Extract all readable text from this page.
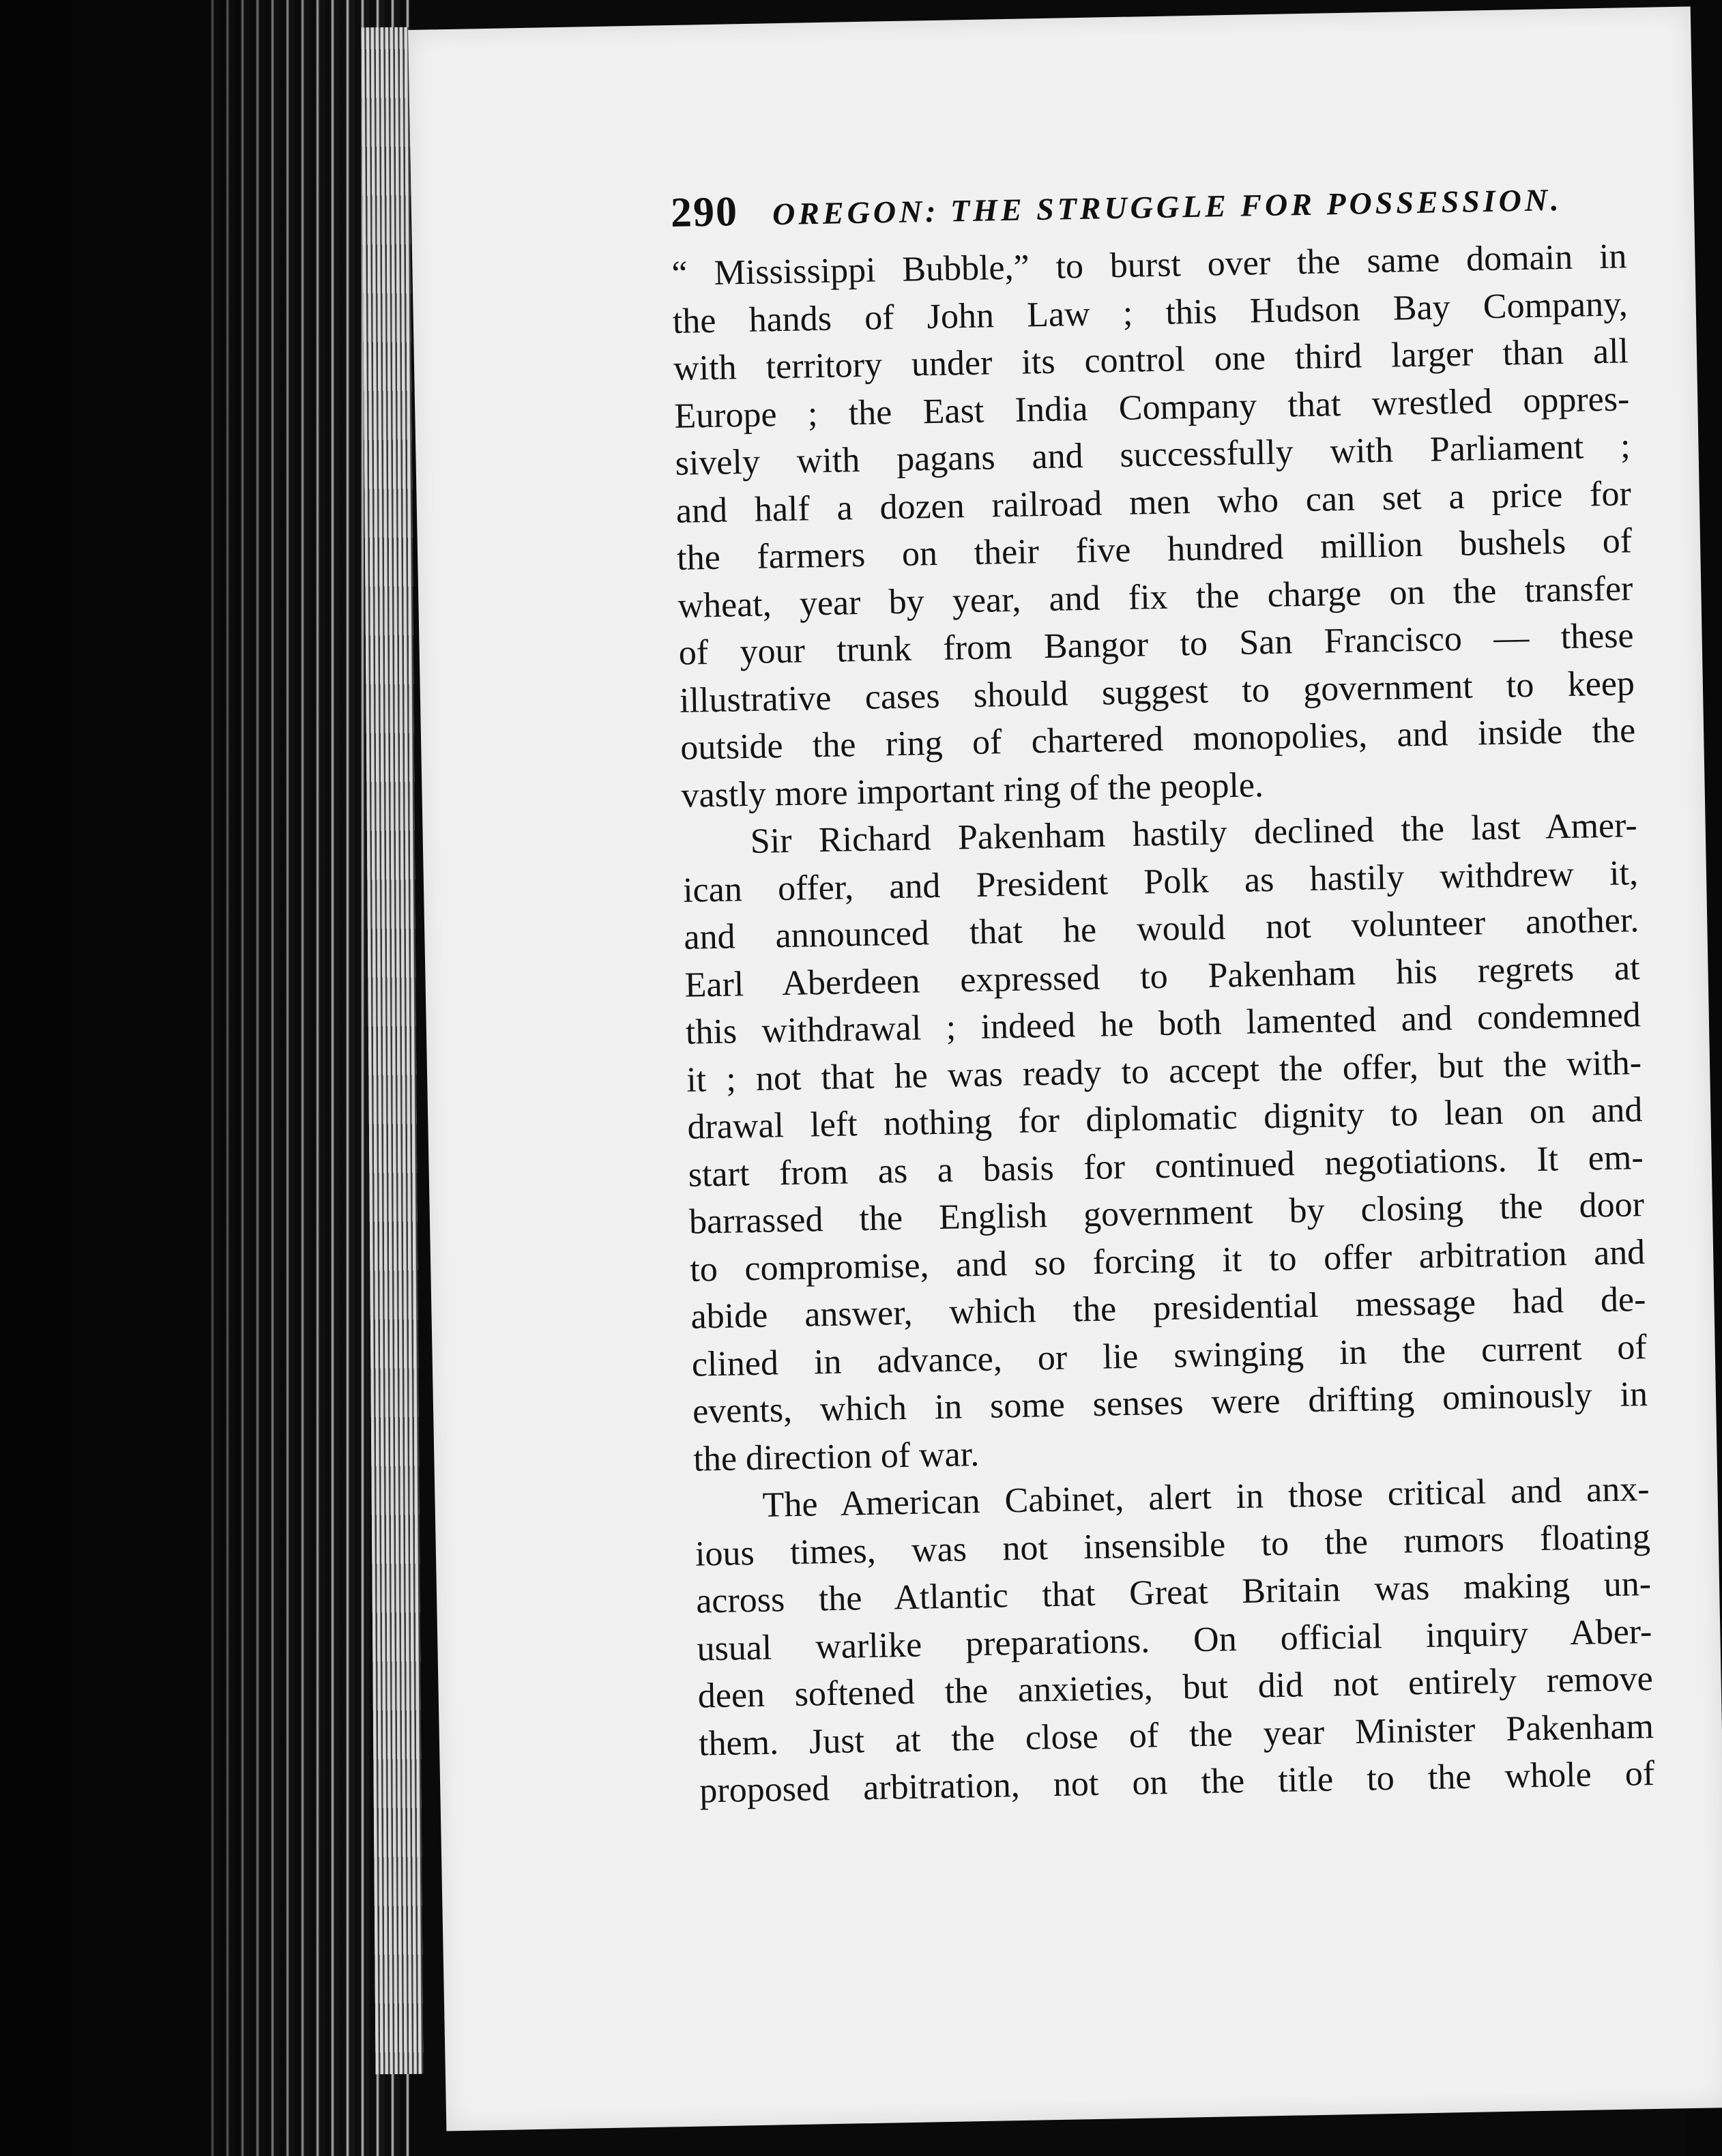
290 OREGON: THE STRUGGLE FOR POSSESSION.
“ Mississippi Bubble,” to burst over the same domain in
the hands of John Law ; this Hudson Bay Company,
with territory under its control one third larger than all
Europe ; the East India Company that wrestled oppres-
sively with pagans and successfully with Parliament ;
and half a dozen railroad men who can set a price for
the farmers on their five hundred million bushels of
wheat, year by year, and fix the charge on the transfer
of your trunk from Bangor to San Francisco — these
illustrative cases should suggest to government to keep
outside the ring of chartered monopolies, and inside the
vastly more important ring of the people.
Sir Richard Pakenham hastily declined the last Amer-
ican offer, and President Polk as hastily withdrew it,
and announced that he would not volunteer another.
Earl Aberdeen expressed to Pakenham his regrets at
this withdrawal ; indeed he both lamented and condemned
it ; not that he was ready to accept the offer, but the with-
drawal left nothing for diplomatic dignity to lean on and
start from as a basis for continued negotiations. It em-
barrassed the English government by closing the door
to compromise, and so forcing it to offer arbitration and
abide answer, which the presidential message had de-
clined in advance, or lie swinging in the current of
events, which in some senses were drifting ominously in
the direction of war.
The American Cabinet, alert in those critical and anx-
ious times, was not insensible to the rumors floating
across the Atlantic that Great Britain was making un-
usual warlike preparations. On official inquiry Aber-
deen softened the anxieties, but did not entirely remove
them. Just at the close of the year Minister Pakenham
proposed arbitration, not on the title to the whole of
